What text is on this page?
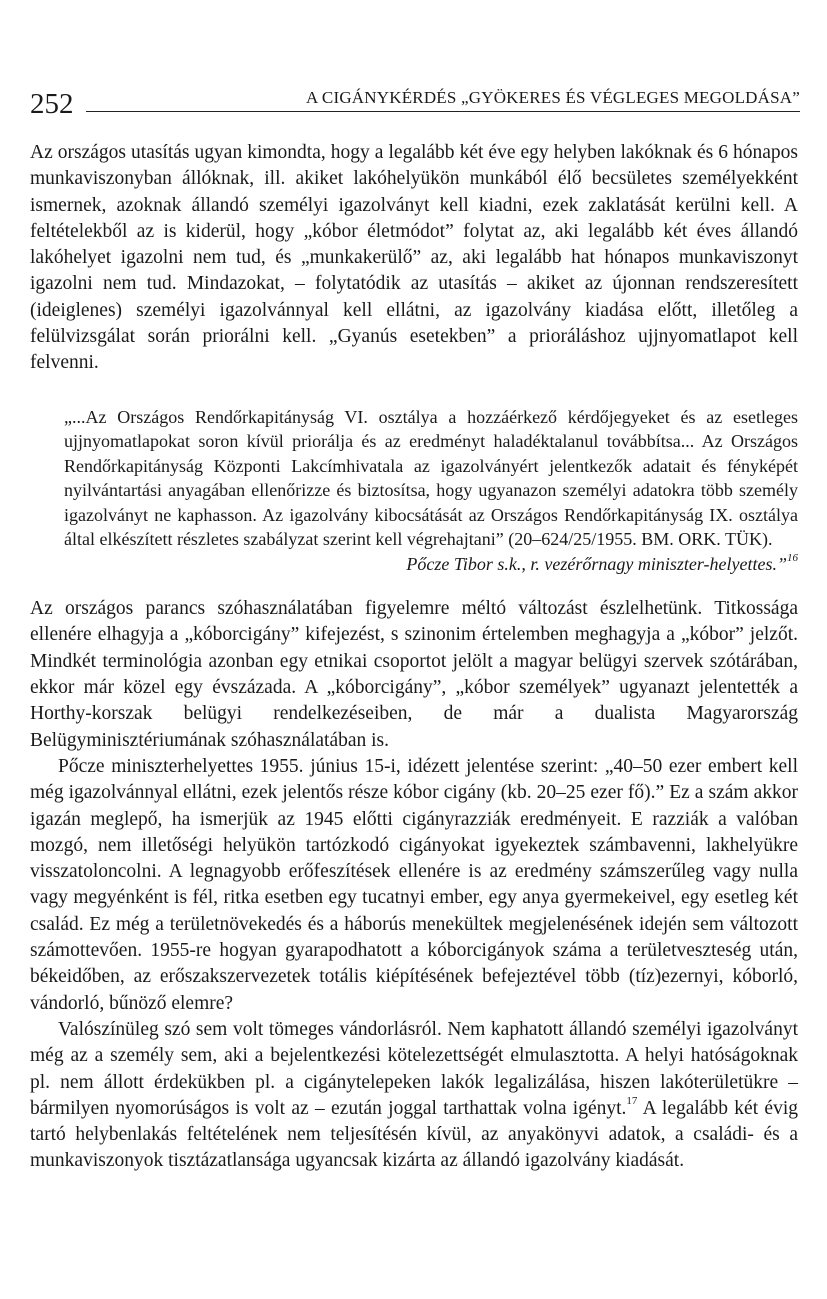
252	A CIGÁNYKÉRDÉS „GYÖKERES ÉS VÉGLEGES MEGOLDÁSA”

Az országos utasítás ugyan kimondta, hogy a legalább két éve egy helyben lakóknak és 6 hónapos munkaviszonyban állóknak, ill. akiket lakóhelyükön munkából élő becsületes személyekként ismernek, azoknak állandó személyi igazolványt kell kiadni, ezek zaklatását kerülni kell. A feltételekből az is kiderül, hogy „kóbor életmódot” folytat az, aki legalább két éves állandó lakóhelyet igazolni nem tud, és „munkakerülő” az, aki legalább hat hónapos munkaviszonyt igazolni nem tud. Mindazokat, – folytatódik az utasítás – akiket az újonnan rendszeresített (ideiglenes) személyi igazolvánnyal kell ellátni, az igazolvány kiadása előtt, illetőleg a felülvizsgálat során priorálni kell. „Gyanús esetekben” a prioráláshoz ujjnyomatlapot kell felvenni.

„...Az Országos Rendőrkapitányság VI. osztálya a hozzáérkező kérdőjegyeket és az esetleges ujjnyomatlapokat soron kívül priorálja és az eredményt haladéktalanul továbbítsa... Az Országos Rendőrkapitányság Központi Lakcímhivatala az igazolványért jelentkezők adatait és fényképét nyilvántartási anyagában ellenőrizze és biztosítsa, hogy ugyanazon személyi adatokra több személy igazolványt ne kaphasson. Az igazolvány kibocsátását az Országos Rendőrkapitányság IX. osztálya által elkészített részletes szabályzat szerint kell végrehajtani” (20–624/25/1955. BM. ORK. TÜK).

Pőcze Tibor s.k., r. vezérőrnagy miniszter-helyettes.”$^{16}$

Az országos parancs szóhasználatában figyelemre méltó változást észlelhetünk. Titkossága ellenére elhagyja a „kóborcigány” kifejezést, s szinonim értelemben meghagyja a „kóbor” jelzőt. Mindkét terminológia azonban egy etnikai csoportot jelölt a magyar belügyi szervek szótárában, ekkor már közel egy évszázada. A „kóborcigány”, „kóbor személyek” ugyanazt jelentették a Horthy-korszak belügyi rendelkezéseiben, de már a dualista Magyarország Belügyminisztériumának szóhasználatában is.

Pőcze miniszterhelyettes 1955. június 15-i, idézett jelentése szerint: „40–50 ezer embert kell még igazolvánnyal ellátni, ezek jelentős része kóbor cigány (kb. 20–25 ezer fő).” Ez a szám akkor igazán meglepő, ha ismerjük az 1945 előtti cigányrazziák eredményeit. E razziák a valóban mozgó, nem illetőségi helyükön tartózkodó cigányokat igyekeztek számbavenni, lakhelyükre visszatoloncolni. A legnagyobb erőfeszítések ellenére is az eredmény számszerűleg vagy nulla vagy megyénként is fél, ritka esetben egy tucatnyi ember, egy anya gyermekeivel, egy esetleg két család. Ez még a területnövekedés és a háborús menekültek megjelenésének idején sem változott számottevően. 1955-re hogyan gyarapodhatott a kóborcigányok száma a területveszteség után, békeidőben, az erőszakszervezetek totális kiépítésének befejeztével több (tíz)ezernyi, kóborló, vándorló, bűnöző elemre?

Valószínüleg szó sem volt tömeges vándorlásról. Nem kaphatott állandó személyi igazolványt még az a személy sem, aki a bejelentkezési kötelezettségét elmulasztotta. A helyi hatóságoknak pl. nem állott érdekükben pl. a cigánytelepeken lakók legalizálása, hiszen lakóterületükre – bármilyen nyomorúságos is volt az – ezután joggal tarthattak volna igényt.$^{17}$ A legalább két évig tartó helybenlakás feltételének nem teljesítésén kívül, az anyakönyvi adatok, a családi- és a munkaviszonyok tisztázatlansága ugyancsak kizárta az állandó igazolvány kiadását.
